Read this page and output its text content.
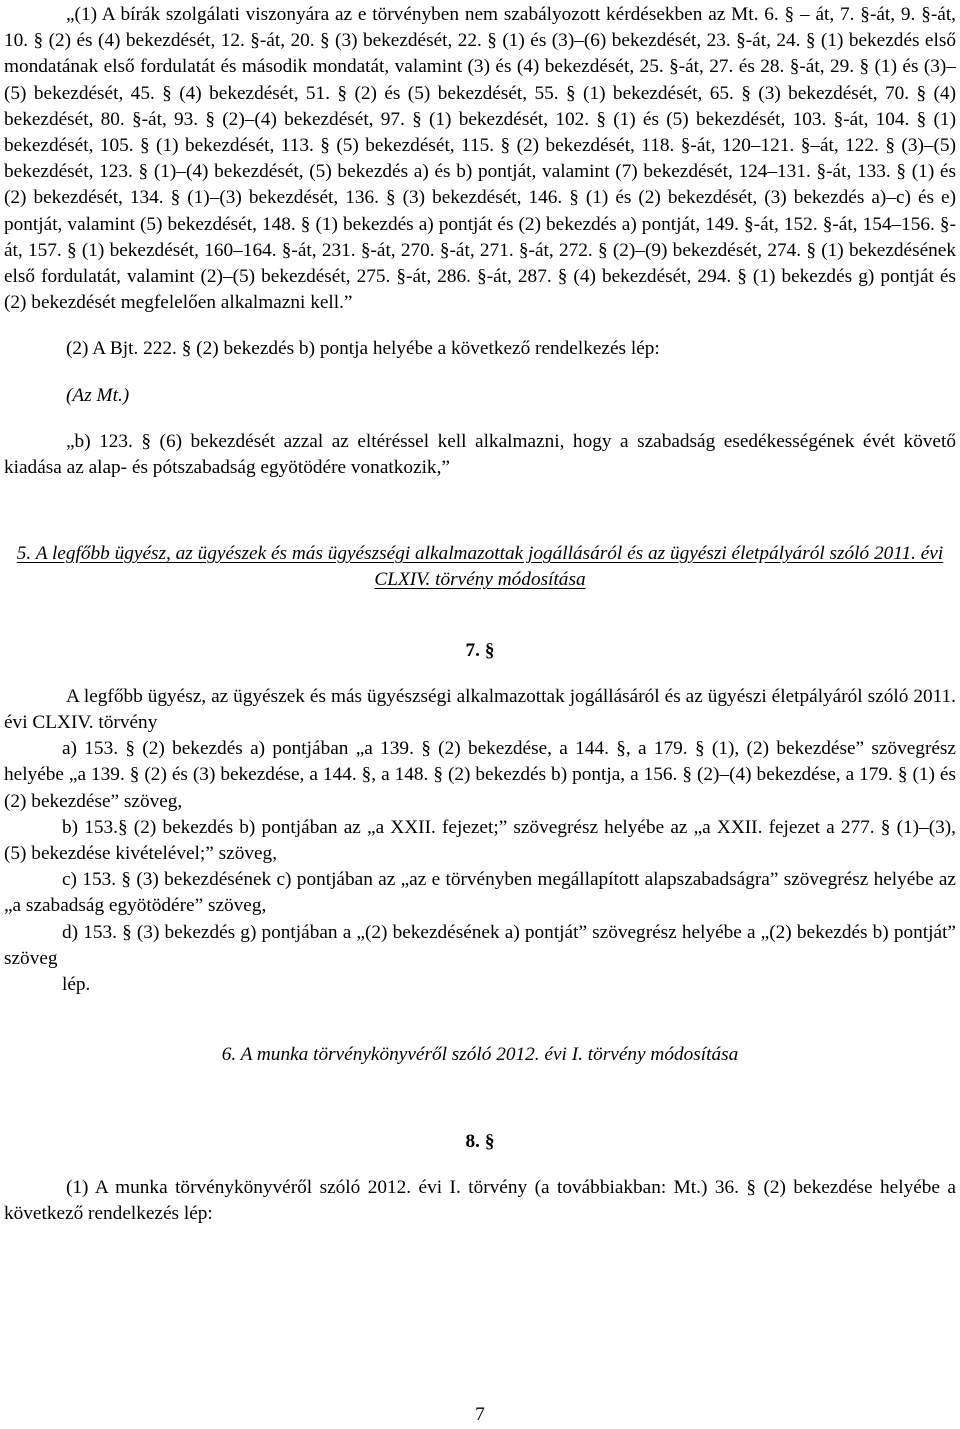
„(1) A bírák szolgálati viszonyára az e törvényben nem szabályozott kérdésekben az Mt. 6. § – át, 7. §-át, 9. §-át, 10. § (2) és (4) bekezdését, 12. §-át, 20. § (3) bekezdését, 22. § (1) és (3)–(6) bekezdését, 23. §-át, 24. § (1) bekezdés első mondatának első fordulatát és második mondatát, valamint (3) és (4) bekezdését, 25. §-át, 27. és 28. §-át, 29. § (1) és (3)–(5) bekezdését, 45. § (4) bekezdését, 51. § (2) és (5) bekezdését, 55. § (1) bekezdését, 65. § (3) bekezdését, 70. § (4) bekezdését, 80. §-át, 93. § (2)–(4) bekezdését, 97. § (1) bekezdését, 102. § (1) és (5) bekezdését, 103. §-át, 104. § (1) bekezdését, 105. § (1) bekezdését, 113. § (5) bekezdését, 115. § (2) bekezdését, 118. §-át, 120–121. §–át, 122. § (3)–(5) bekezdését, 123. § (1)–(4) bekezdését, (5) bekezdés a) és b) pontját, valamint (7) bekezdését, 124–131. §-át, 133. § (1) és (2) bekezdését, 134. § (1)–(3) bekezdését, 136. § (3) bekezdését, 146. § (1) és (2) bekezdését, (3) bekezdés a)–c) és e) pontját, valamint (5) bekezdését, 148. § (1) bekezdés a) pontját és (2) bekezdés a) pontját, 149. §-át, 152. §-át, 154–156. §-át, 157. § (1) bekezdését, 160–164. §-át, 231. §-át, 270. §-át, 271. §-át, 272. § (2)–(9) bekezdését, 274. § (1) bekezdésének első fordulatát, valamint (2)–(5) bekezdését, 275. §-át, 286. §-át, 287. § (4) bekezdését, 294. § (1) bekezdés g) pontját és (2) bekezdését megfelelően alkalmazni kell.”

(2) A Bjt. 222. § (2) bekezdés b) pontja helyébe a következő rendelkezés lép:

(Az Mt.)

„b) 123. § (6) bekezdését azzal az eltéréssel kell alkalmazni, hogy a szabadság esedékességének évét követő kiadása az alap- és pótszabadság egyötödére vonatkozik,”

5. A legfőbb ügyész, az ügyészek és más ügyészségi alkalmazottak jogállásáról és az ügyészi életpályáról szóló 2011. évi CLXIV. törvény módosítása

7. §

A legfőbb ügyész, az ügyészek és más ügyészségi alkalmazottak jogállásáról és az ügyészi életpályáról szóló 2011. évi CLXIV. törvény

a) 153. § (2) bekezdés a) pontjában „a 139. § (2) bekezdése, a 144. §, a 179. § (1), (2) bekezdése” szövegrész helyébe „a 139. § (2) és (3) bekezdése, a 144. §, a 148. § (2) bekezdés b) pontja, a 156. § (2)–(4) bekezdése, a 179. § (1) és (2) bekezdése” szöveg,

b) 153.§ (2) bekezdés b) pontjában az „a XXII. fejezet;” szövegrész helyébe az „a XXII. fejezet a 277. § (1)–(3), (5) bekezdése kivételével;” szöveg,

c) 153. § (3) bekezdésének c) pontjában az „az e törvényben megállapított alapszabadságra” szövegrész helyébe az „a szabadság egyötödére” szöveg,

d) 153. § (3) bekezdés g) pontjában a „(2) bekezdésének a) pontját” szövegrész helyébe a „(2) bekezdés b) pontját” szöveg

lép.

6. A munka törvénykönyvéről szóló 2012. évi I. törvény módosítása

8. §

(1) A munka törvénykönyvéről szóló 2012. évi I. törvény (a továbbiakban: Mt.) 36. § (2) bekezdése helyébe a következő rendelkezés lép:

7
